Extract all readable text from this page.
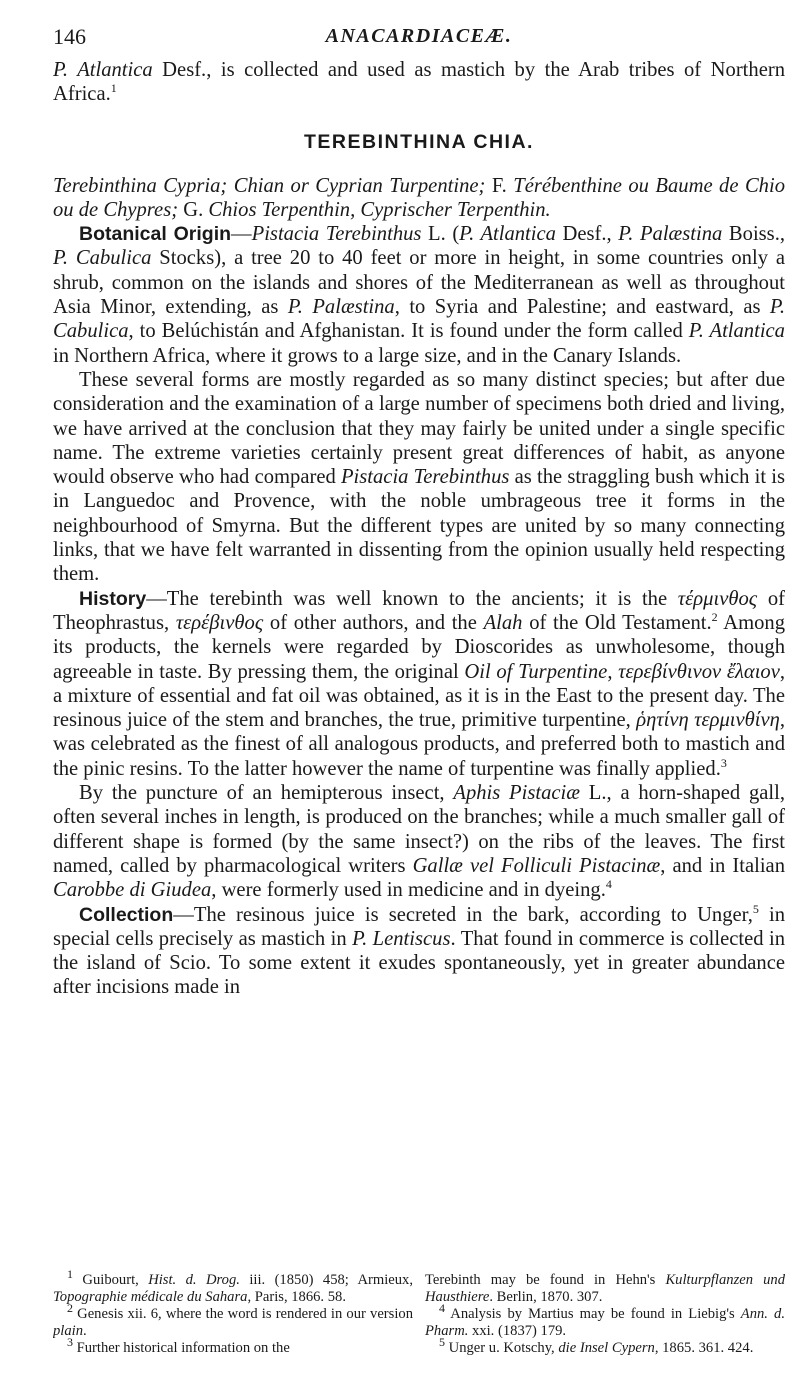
146	ANACARDIACEÆ.

P. Atlantica Desf., is collected and used as mastich by the Arab tribes of Northern Africa.$^1$

TEREBINTHINA CHIA.

Terebinthina Cypria; Chian or Cyprian Turpentine; F. Térébenthine ou Baume de Chio ou de Chypres; G. Chios Terpenthin, Cyprischer Terpenthin.

Botanical Origin—Pistacia Terebinthus L. (P. Atlantica Desf., P. Palæstina Boiss., P. Cabulica Stocks), a tree 20 to 40 feet or more in height, in some countries only a shrub, common on the islands and shores of the Mediterranean as well as throughout Asia Minor, extending, as P. Palæstina, to Syria and Palestine; and eastward, as P. Cabulica, to Belúchistán and Afghanistan. It is found under the form called P. Atlantica in Northern Africa, where it grows to a large size, and in the Canary Islands.

These several forms are mostly regarded as so many distinct species; but after due consideration and the examination of a large number of specimens both dried and living, we have arrived at the conclusion that they may fairly be united under a single specific name. The extreme varieties certainly present great differences of habit, as anyone would observe who had compared Pistacia Terebinthus as the straggling bush which it is in Languedoc and Provence, with the noble umbrageous tree it forms in the neighbourhood of Smyrna. But the different types are united by so many connecting links, that we have felt warranted in dissenting from the opinion usually held respecting them.

History—The terebinth was well known to the ancients; it is the τέρμινθος of Theophrastus, τερέβινθος of other authors, and the Alah of the Old Testament.$^2$ Among its products, the kernels were regarded by Dioscorides as unwholesome, though agreeable in taste. By pressing them, the original Oil of Turpentine, τερεβίνθινον ἔλαιον, a mixture of essential and fat oil was obtained, as it is in the East to the present day. The resinous juice of the stem and branches, the true, primitive turpentine, ῥητίνη τερμινθίνη, was celebrated as the finest of all analogous products, and preferred both to mastich and the pinic resins. To the latter however the name of turpentine was finally applied.$^3$

By the puncture of an hemipterous insect, Aphis Pistaciæ L., a horn-shaped gall, often several inches in length, is produced on the branches; while a much smaller gall of different shape is formed (by the same insect?) on the ribs of the leaves. The first named, called by pharmacological writers Gallæ vel Folliculi Pistacinæ, and in Italian Carobbe di Giudea, were formerly used in medicine and in dyeing.$^4$

Collection—The resinous juice is secreted in the bark, according to Unger,$^5$ in special cells precisely as mastich in P. Lentiscus. That found in commerce is collected in the island of Scio. To some extent it exudes spontaneously, yet in greater abundance after incisions made in

$^1$ Guibourt, Hist. d. Drog. iii. (1850) 458; Armieux, Topographie médicale du Sahara, Paris, 1866. 58.
$^2$ Genesis xii. 6, where the word is rendered in our version plain.
$^3$ Further historical information on the
Terebinth may be found in Hehn's Kulturpflanzen und Hausthiere. Berlin, 1870. 307.
$^4$ Analysis by Martius may be found in Liebig's Ann. d. Pharm. xxi. (1837) 179.
$^5$ Unger u. Kotschy, die Insel Cypern, 1865. 361. 424.
